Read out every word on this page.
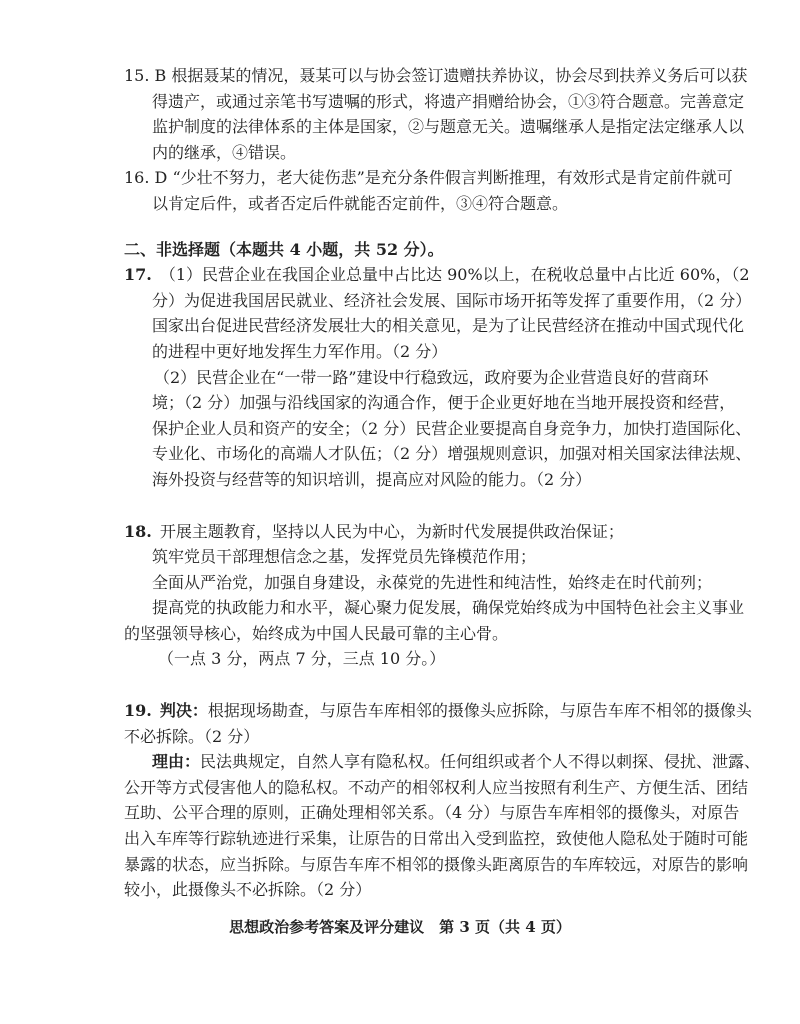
15. B 根据聂某的情况，聂某可以与协会签订遗赠扶养协议，协会尽到扶养义务后可以获
得遗产，或通过亲笔书写遗嘱的形式，将遗产捐赠给协会，①③符合题意。完善意定
监护制度的法律体系的主体是国家，②与题意无关。遗嘱继承人是指定法定继承人以
内的继承，④错误。
16. D “少壮不努力，老大徒伤悲”是充分条件假言判断推理，有效形式是肯定前件就可
以肯定后件，或者否定后件就能否定前件，③④符合题意。
二、非选择题（本题共 4 小题，共 52 分）。
17.  （1）民营企业在我国企业总量中占比达 90%以上，在税收总量中占比近 60%，（2
分）为促进我国居民就业、经济社会发展、国际市场开拓等发挥了重要作用，（2 分）
国家出台促进民营经济发展壮大的相关意见，是为了让民营经济在推动中国式现代化
的进程中更好地发挥生力军作用。（2 分）
（2）民营企业在“一带一路”建设中行稳致远，政府要为企业营造良好的营商环
境；（2 分）加强与沿线国家的沟通合作，便于企业更好地在当地开展投资和经营，
保护企业人员和资产的安全；（2 分）民营企业要提高自身竞争力，加快打造国际化、
专业化、市场化的高端人才队伍；（2 分）增强规则意识，加强对相关国家法律法规、
海外投资与经营等的知识培训，提高应对风险的能力。（2 分）
18.  开展主题教育，坚持以人民为中心，为新时代发展提供政治保证；
筑牢党员干部理想信念之基，发挥党员先锋模范作用；
全面从严治党，加强自身建设，永葆党的先进性和纯洁性，始终走在时代前列；
提高党的执政能力和水平，凝心聚力促发展，确保党始终成为中国特色社会主义事业
的坚强领导核心，始终成为中国人民最可靠的主心骨。
（一点 3 分，两点 7 分，三点 10 分。）
19.  判决：根据现场勘查，与原告车库相邻的摄像头应拆除，与原告车库不相邻的摄像头
不必拆除。（2 分）
理由：民法典规定，自然人享有隐私权。任何组织或者个人不得以刺探、侵扰、泄露、
公开等方式侵害他人的隐私权。不动产的相邻权利人应当按照有利生产、方便生活、团结
互助、公平合理的原则，正确处理相邻关系。（4 分）与原告车库相邻的摄像头，对原告
出入车库等行踪轨迹进行采集，让原告的日常出入受到监控，致使他人隐私处于随时可能
暴露的状态，应当拆除。与原告车库不相邻的摄像头距离原告的车库较远，对原告的影响
较小，此摄像头不必拆除。（2 分）
思想政治参考答案及评分建议　第 3 页（共 4 页）
